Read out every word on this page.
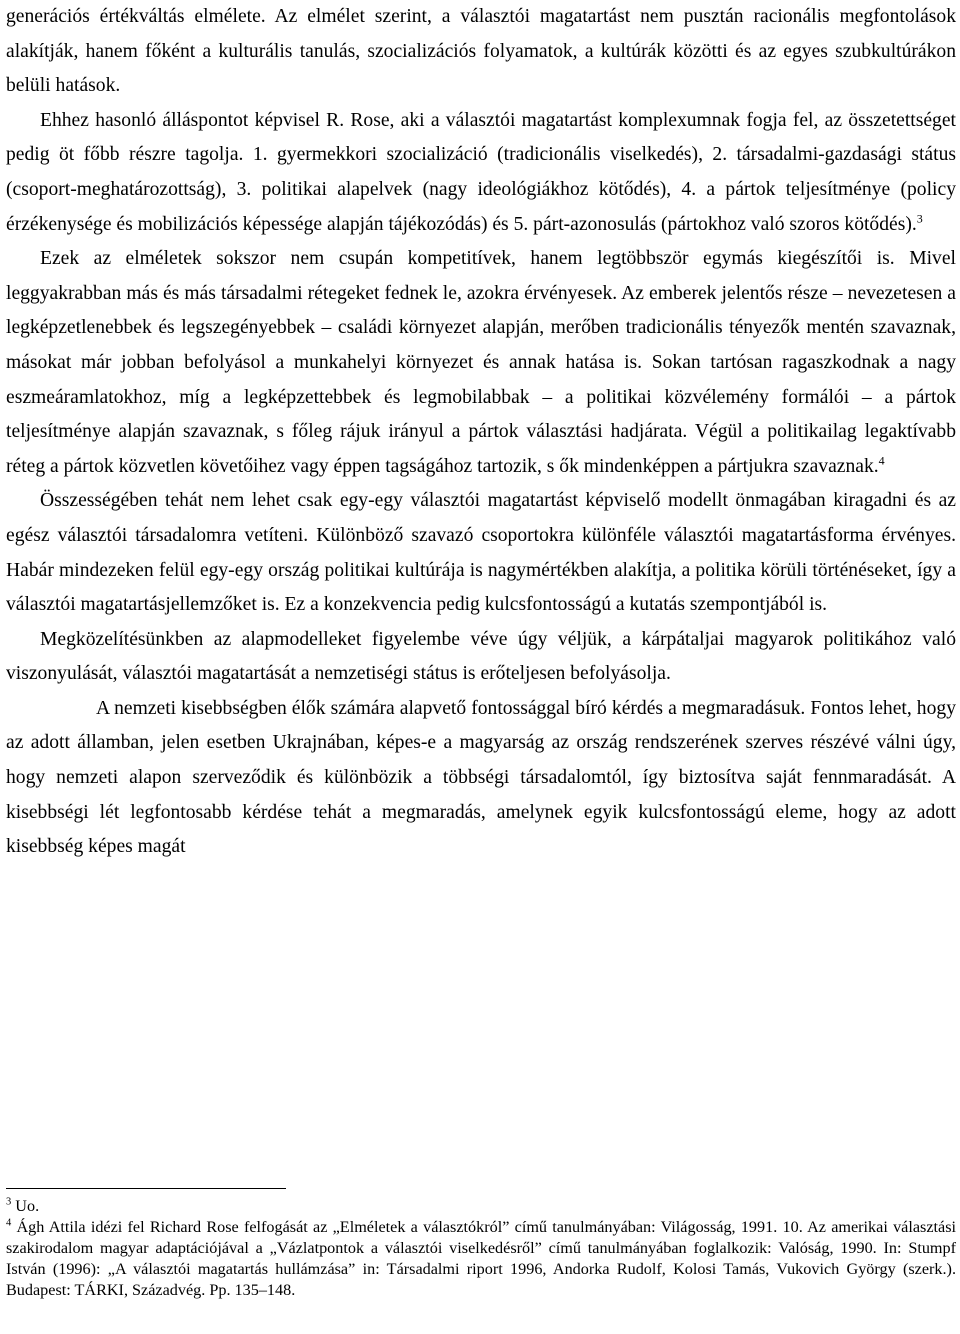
generációs értékváltás elmélete. Az elmélet szerint, a választói magatartást nem pusztán racionális megfontolások alakítják, hanem főként a kulturális tanulás, szocializációs folyamatok, a kultúrák közötti és az egyes szubkultúrákon belüli hatások.

Ehhez hasonló álláspontot képvisel R. Rose, aki a választói magatartást komplexumnak fogja fel, az összetettséget pedig öt főbb részre tagolja. 1. gyermekkori szocializáció (tradicionális viselkedés), 2. társadalmi-gazdasági státus (csoport-meghatározottság), 3. politikai alapelvek (nagy ideológiákhoz kötődés), 4. a pártok teljesítménye (policy érzékenysége és mobilizációs képessége alapján tájékozódás) és 5. párt-azonosulás (pártokhoz való szoros kötődés).$^3$

Ezek az elméletek sokszor nem csupán kompetitívek, hanem legtöbbször egymás kiegészítői is. Mivel leggyakrabban más és más társadalmi rétegeket fednek le, azokra érvényesek. Az emberek jelentős része – nevezetesen a legképzetlenebbek és legszegényebbek – családi környezet alapján, merőben tradicionális tényezők mentén szavaznak, másokat már jobban befolyásol a munkahelyi környezet és annak hatása is. Sokan tartósan ragaszkodnak a nagy eszmeáramlatokhoz, míg a legképzettebbek és legmobilabbak – a politikai közvélemény formálói – a pártok teljesítménye alapján szavaznak, s főleg rájuk irányul a pártok választási hadjárata. Végül a politikailag legaktívabb réteg a pártok közvetlen követőihez vagy éppen tagságához tartozik, s ők mindenképpen a pártjukra szavaznak.$^4$

Összességében tehát nem lehet csak egy-egy választói magatartást képviselő modellt önmagában kiragadni és az egész választói társadalomra vetíteni. Különböző szavazó csoportokra különféle választói magatartásforma érvényes. Habár mindezeken felül egy-egy ország politikai kultúrája is nagymértékben alakítja, a politika körüli történéseket, így a választói magatartásjellemzőket is. Ez a konzekvencia pedig kulcsfontosságú a kutatás szempontjából is.

Megközelítésünkben az alapmodelleket figyelembe véve úgy véljük, a kárpátaljai magyarok politikához való viszonyulását, választói magatartását a nemzetiségi státus is erőteljesen befolyásolja.

A nemzeti kisebbségben élők számára alapvető fontossággal bíró kérdés a megmaradásuk. Fontos lehet, hogy az adott államban, jelen esetben Ukrajnában, képes-e a magyarság az ország rendszerének szerves részévé válni úgy, hogy nemzeti alapon szerveződik és különbözik a többségi társadalomtól, így biztosítva saját fennmaradását. A kisebbségi lét legfontosabb kérdése tehát a megmaradás, amelynek egyik kulcsfontosságú eleme, hogy az adott kisebbség képes magát

$^3$ Uo.

$^4$ Ágh Attila idézi fel Richard Rose felfogását az „Elméletek a választókról” című tanulmányában: Világosság, 1991. 10. Az amerikai választási szakirodalom magyar adaptációjával a „Vázlatpontok a választói viselkedésről” című tanulmányában foglalkozik: Valóság, 1990. In: Stumpf István (1996): „A választói magatartás hullámzása” in: Társadalmi riport 1996, Andorka Rudolf, Kolosi Tamás, Vukovich György (szerk.). Budapest: TÁRKI, Századvég. Pp. 135–148.
